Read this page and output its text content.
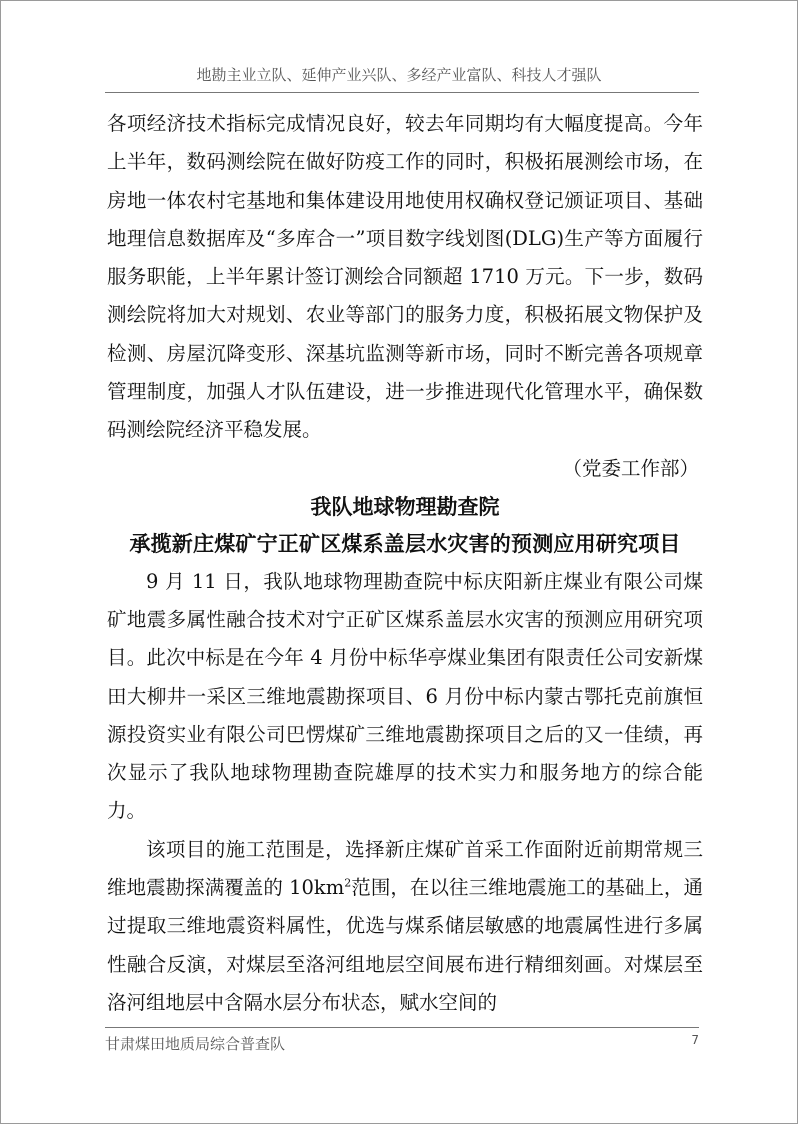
地勘主业立队、延伸产业兴队、多经产业富队、科技人才强队

各项经济技术指标完成情况良好，较去年同期均有大幅度提高。今年上半年，数码测绘院在做好防疫工作的同时，积极拓展测绘市场，在房地一体农村宅基地和集体建设用地使用权确权登记颁证项目、基础地理信息数据库及“多库合一”项目数字线划图(DLG)生产等方面履行服务职能，上半年累计签订测绘合同额超 1710 万元。下一步，数码测绘院将加大对规划、农业等部门的服务力度，积极拓展文物保护及检测、房屋沉降变形、深基坑监测等新市场，同时不断完善各项规章管理制度，加强人才队伍建设，进一步推进现代化管理水平，确保数码测绘院经济平稳发展。

（党委工作部）
我队地球物理勘查院
承揽新庄煤矿宁正矿区煤系盖层水灾害的预测应用研究项目

9 月 11 日，我队地球物理勘查院中标庆阳新庄煤业有限公司煤矿地震多属性融合技术对宁正矿区煤系盖层水灾害的预测应用研究项目。此次中标是在今年 4 月份中标华亭煤业集团有限责任公司安新煤田大柳井一采区三维地震勘探项目、6 月份中标内蒙古鄂托克前旗恒源投资实业有限公司巴愣煤矿三维地震勘探项目之后的又一佳绩，再次显示了我队地球物理勘查院雄厚的技术实力和服务地方的综合能力。

该项目的施工范围是，选择新庄煤矿首采工作面附近前期常规三维地震勘探满覆盖的 $10km^2$范围，在以往三维地震施工的基础上，通过提取三维地震资料属性，优选与煤系储层敏感的地震属性进行多属性融合反演，对煤层至洛河组地层空间展布进行精细刻画。对煤层至洛河组地层中含隔水层分布状态，赋水空间的

甘肃煤田地质局综合普查队	7
